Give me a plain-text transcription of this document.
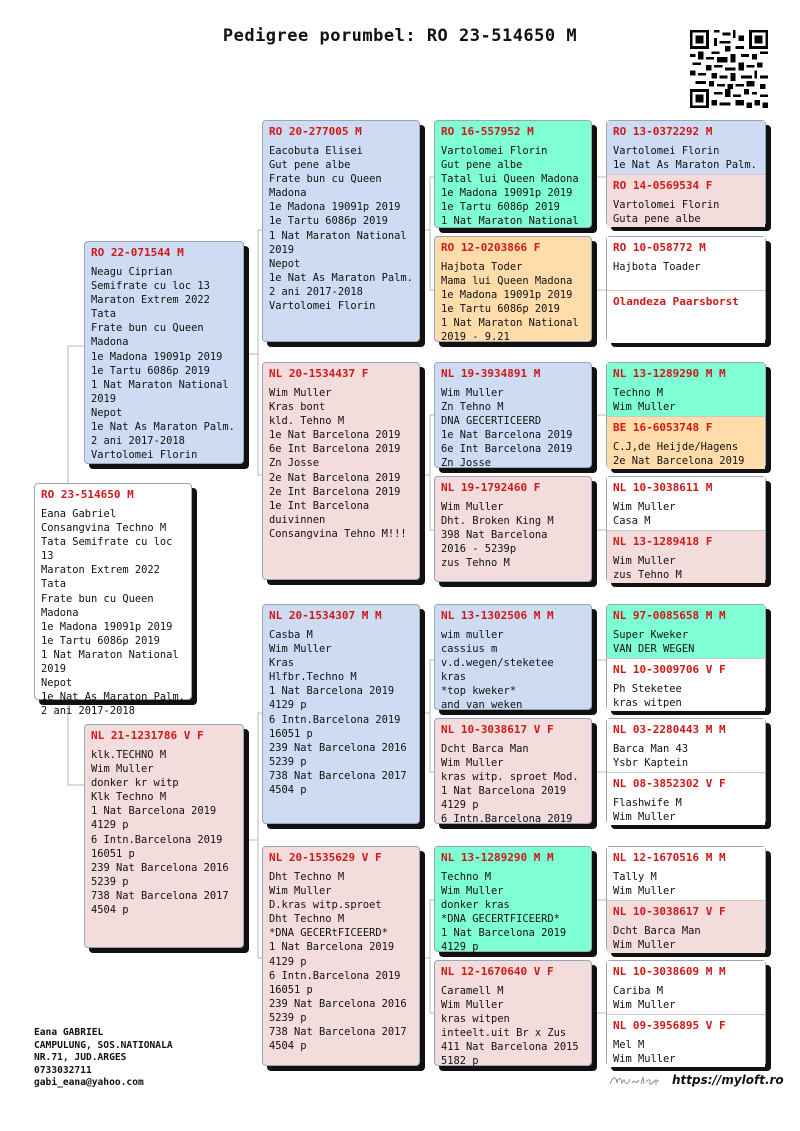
Pedigree porumbel: RO 23-514650 M
RO 23-514650 M
Eana Gabriel
Consangvina Techno M
Tata Semifrate cu loc 13
Maraton Extrem 2022
Tata
Frate bun cu Queen
Madona
1e Madona 19091p 2019
1e Tartu 6086p 2019
1 Nat Maraton National
2019
Nepot
1e Nat As Maraton Palm.
2 ani 2017-2018
RO 22-071544 M
Neagu Ciprian
Semifrate cu loc 13
Maraton Extrem 2022
Tata
Frate bun cu Queen
Madona
1e Madona 19091p 2019
1e Tartu 6086p 2019
1 Nat Maraton National
2019
Nepot
1e Nat As Maraton Palm.
2 ani 2017-2018
Vartolomei Florin
NL 21-1231786 V F
klk.TECHNO M
Wim Muller
donker kr witp
Klk Techno M
1 Nat Barcelona 2019
4129 p
6 Intn.Barcelona 2019
16051 p
239 Nat Barcelona 2016
5239 p
738 Nat Barcelona 2017
4504 p
RO 20-277005 M
Eacobuta Elisei
Gut pene albe
Frate bun cu Queen
Madona
1e Madona 19091p 2019
1e Tartu 6086p 2019
1 Nat Maraton National
2019
Nepot
1e Nat As Maraton Palm.
2 ani 2017-2018
Vartolomei Florin
NL 20-1534437 F
Wim Muller
Kras bont
kld. Tehno M
1e Nat Barcelona 2019
6e Int Barcelona 2019
Zn Josse
2e Nat Barcelona 2019
2e Int Barcelona 2019
1e Int Barcelona
duivinnen
Consangvina Tehno M!!!
NL 20-1534307 M M
Casba M
Wim Muller
Kras
Hlfbr.Techno M
1 Nat Barcelona 2019
4129 p
6 Intn.Barcelona 2019
16051 p
239 Nat Barcelona 2016
5239 p
738 Nat Barcelona 2017
4504 p
NL 20-1535629 V F
Dht Techno M
Wim Muller
D.kras witp.sproet
Dht Techno M
*DNA GECERtFICEERD*
1 Nat Barcelona 2019
4129 p
6 Intn.Barcelona 2019
16051 p
239 Nat Barcelona 2016
5239 p
738 Nat Barcelona 2017
4504 p
RO 16-557952 M
Vartolomei Florin
Gut pene albe
Tatal lui Queen Madona
1e Madona 19091p 2019
1e Tartu 6086p 2019
1 Nat Maraton National
RO 12-0203866 F
Hajbota Toder
Mama lui Queen Madona
1e Madona 19091p 2019
1e Tartu 6086p 2019
1 Nat Maraton National
2019 - 9.21
NL 19-3934891 M
Wim Muller
Zn Tehno M
DNA GECERTICEERD
1e Nat Barcelona 2019
6e Int Barcelona 2019
Zn Josse
NL 19-1792460 F
Wim Muller
Dht. Broken King M
398 Nat Barcelona
2016 - 5239p
zus Tehno M
NL 13-1302506 M M
wim muller
cassius m
v.d.wegen/steketee
kras
*top kweker*
and van weken
NL 10-3038617 V F
Dcht Barca Man
Wim Muller
kras witp. sproet Mod.
1 Nat Barcelona 2019
4129 p
6 Intn.Barcelona 2019
NL 13-1289290 M M
Techno M
Wim Muller
donker kras
*DNA GECERTFICEERD*
1 Nat Barcelona 2019
4129 p
NL 12-1670640 V F
Caramell M
Wim Muller
kras witpen
inteelt.uit Br x Zus
411 Nat Barcelona 2015
5182 p
RO 13-0372292 M
Vartolomei Florin
1e Nat As Maraton Palm.
RO 14-0569534 F
Vartolomei Florin
Guta pene albe
RO 10-058772 M
Hajbota Toader
Olandeza Paarsborst
NL 13-1289290 M M
Techno M
Wim Muller
BE 16-6053748 F
C.J,de Heijde/Hagens
2e Nat Barcelona 2019
NL 10-3038611 M
Wim Muller
Casa M
NL 13-1289418 F
Wim Muller
zus Tehno M
NL 97-0085658 M M
Super Kweker
VAN DER WEGEN
NL 10-3009706 V F
Ph Steketee
kras witpen
NL 03-2280443 M M
Barca Man 43
Ysbr Kaptein
NL 08-3852302 V F
Flashwife M
Wim Muller
NL 12-1670516 M M
Tally M
Wim Muller
NL 10-3038617 V F
Dcht Barca Man
Wim Muller
NL 10-3038609 M M
Cariba M
Wim Muller
NL 09-3956895 V F
Mel M
Wim Muller
Eana GABRIEL
CAMPULUNG, SOS.NATIONALA
NR.71, JUD.ARGES
0733032711
gabi_eana@yahoo.com	https://myloft.ro
